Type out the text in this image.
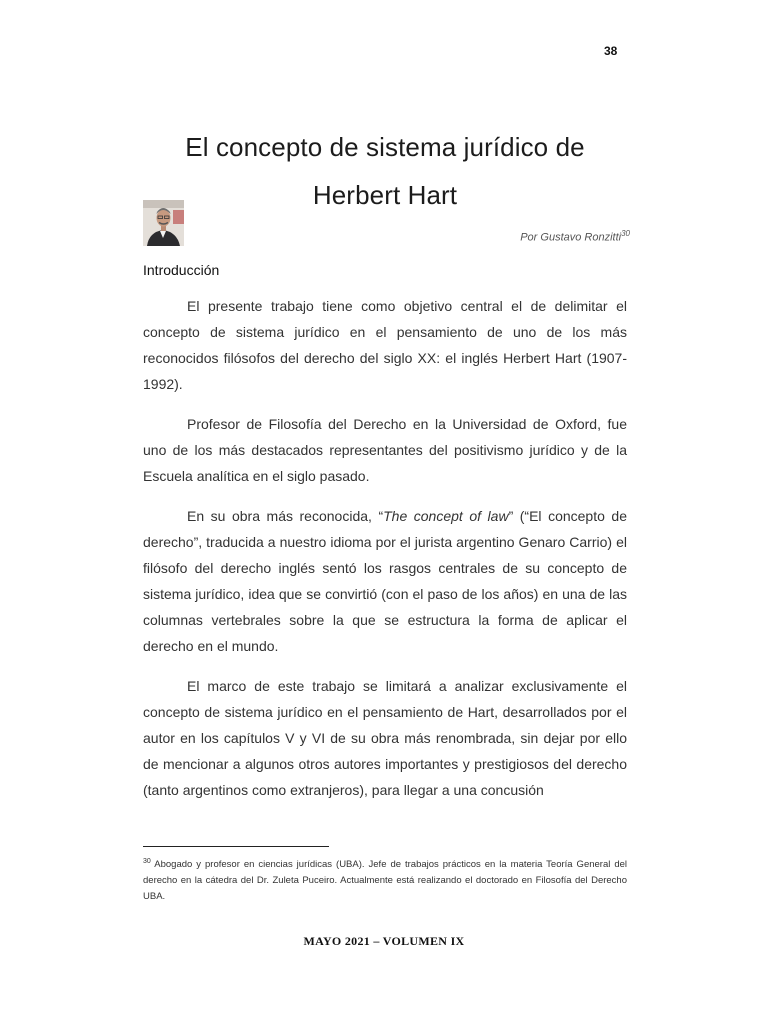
38
El concepto de sistema jurídico de
Herbert Hart
Por Gustavo Ronzitti$^{30}$
Introducción

El presente trabajo tiene como objetivo central el de delimitar el concepto de sistema jurídico en el pensamiento de uno de los más reconocidos filósofos del derecho del siglo XX: el inglés Herbert Hart (1907-1992).

Profesor de Filosofía del Derecho en la Universidad de Oxford, fue uno de los más destacados representantes del positivismo jurídico y de la Escuela analítica en el siglo pasado.

En su obra más reconocida, “The concept of law” (“El concepto de derecho”, traducida a nuestro idioma por el jurista argentino Genaro Carrio) el filósofo del derecho inglés sentó los rasgos centrales de su concepto de sistema jurídico, idea que se convirtió (con el paso de los años) en una de las columnas vertebrales sobre la que se estructura la forma de aplicar el derecho en el mundo.

El marco de este trabajo se limitará a analizar exclusivamente el concepto de sistema jurídico en el pensamiento de Hart, desarrollados por el autor en los capítulos V y VI de su obra más renombrada, sin dejar por ello de mencionar a algunos otros autores importantes y prestigiosos del derecho (tanto argentinos como extranjeros), para llegar a una concusión

$^{30}$ Abogado y profesor en ciencias jurídicas (UBA). Jefe de trabajos prácticos en la materia Teoría General del derecho en la cátedra del Dr. Zuleta Puceiro. Actualmente está realizando el doctorado en Filosofía del Derecho UBA.
MAYO 2021 – VOLUMEN IX
